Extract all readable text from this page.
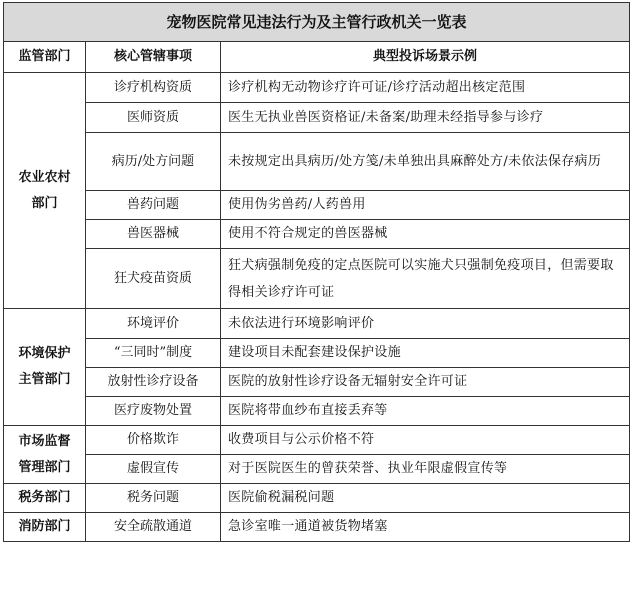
宠物医院常见违法行为及主管行政机关一览表		
监管部门	核心管辖事项	典型投诉场景示例

农业农村
部门	诊疗机构资质	诊疗机构无动物诊疗许可证/诊疗活动超出核定范围
	医师资质	医生无执业兽医资格证/未备案/助理未经指导参与诊疗
	病历/处方问题	未按规定出具病历/处方笺/未单独出具麻醉处方/未依法保存病历
	兽药问题	使用伪劣兽药/人药兽用
	兽医器械	使用不符合规定的兽医器械
	狂犬疫苗资质	狂犬病强制免疫的定点医院可以实施犬只强制免疫项目，但需要取得相关诊疗许可证

环境保护
主管部门	环境评价	未依法进行环境影响评价
	“三同时”制度	建设项目未配套建设保护设施
	放射性诊疗设备	医院的放射性诊疗设备无辐射安全许可证
	医疗废物处置	医院将带血纱布直接丢弃等

市场监督
管理部门	价格欺诈	收费项目与公示价格不符
	虚假宣传	对于医院医生的曾获荣誉、执业年限虚假宣传等

税务部门	税务问题	医院偷税漏税问题

消防部门	安全疏散通道	急诊室唯一通道被货物堵塞
